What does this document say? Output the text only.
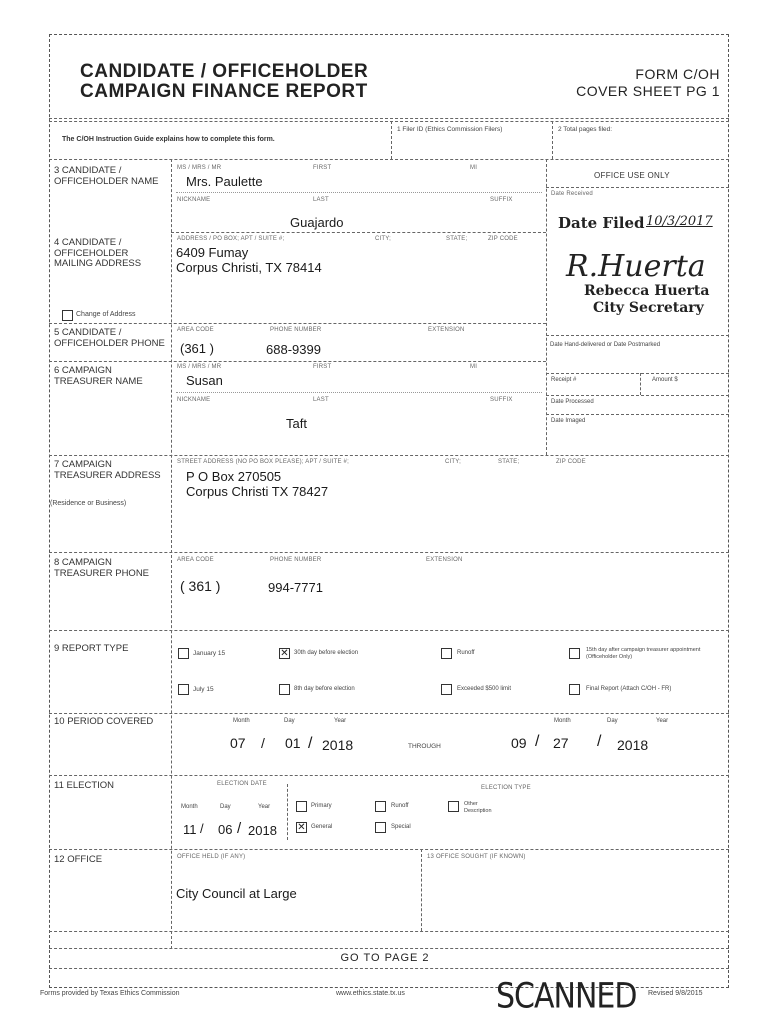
CANDIDATE / OFFICEHOLDER
CAMPAIGN FINANCE REPORT
FORM C/OH
COVER SHEET PG 1
The C/OH Instruction Guide explains how to complete this form.
1 Filer ID (Ethics Commission Filers)	2 Total pages filed:
3 CANDIDATE / OFFICEHOLDER NAME
MS / MRS / MR	FIRST	MI
Mrs. Paulette
NICKNAME	LAST	SUFFIX
Guajardo
OFFICE USE ONLY
Date Received
Date Filed 10/3/2017
R.Huerta
Rebecca Huerta
City Secretary
Date Hand-delivered or Date Postmarked
Receipt #	Amount $
Date Processed
Date Imaged
4 CANDIDATE / OFFICEHOLDER MAILING ADDRESS
ADDRESS / PO BOX; APT / SUITE #;	CITY;	STATE;	ZIP CODE
6409 Fumay
Corpus Christi, TX 78414
Change of Address
5 CANDIDATE / OFFICEHOLDER PHONE
AREA CODE	PHONE NUMBER	EXTENSION
(361 )	688-9399
6 CAMPAIGN TREASURER NAME
MS / MRS / MR	FIRST	MI
Susan
NICKNAME	LAST	SUFFIX
Taft
7 CAMPAIGN TREASURER ADDRESS
(Residence or Business)
STREET ADDRESS (NO PO BOX PLEASE); APT / SUITE #;	CITY;	STATE;	ZIP CODE
P O Box 270505
Corpus Christi TX 78427
8 CAMPAIGN TREASURER PHONE
AREA CODE	PHONE NUMBER	EXTENSION
( 361 )	994-7771
9 REPORT TYPE	January 15	✕ 30th day before election	Runoff	15th day after campaign treasurer appointment (Officeholder Only)
July 15	8th day before election	Exceeded $500 limit	Final Report (Attach C/OH - FR)
10 PERIOD COVERED	Month	Day	Year
07 / 01 / 2018	THROUGH
Month	Day	Year
09 / 27 / 2018
11 ELECTION	ELECTION DATE
Month	Day	Year
11 / 06 / 2018
ELECTION TYPE
Primary	Runoff	Other Description
✕ General	Special
12 OFFICE	OFFICE HELD (IF ANY)
City Council at Large
13 OFFICE SOUGHT (IF KNOWN)
GO TO PAGE 2
Forms provided by Texas Ethics Commission	www.ethics.state.tx.us	SCANNED Revised 9/8/2015
